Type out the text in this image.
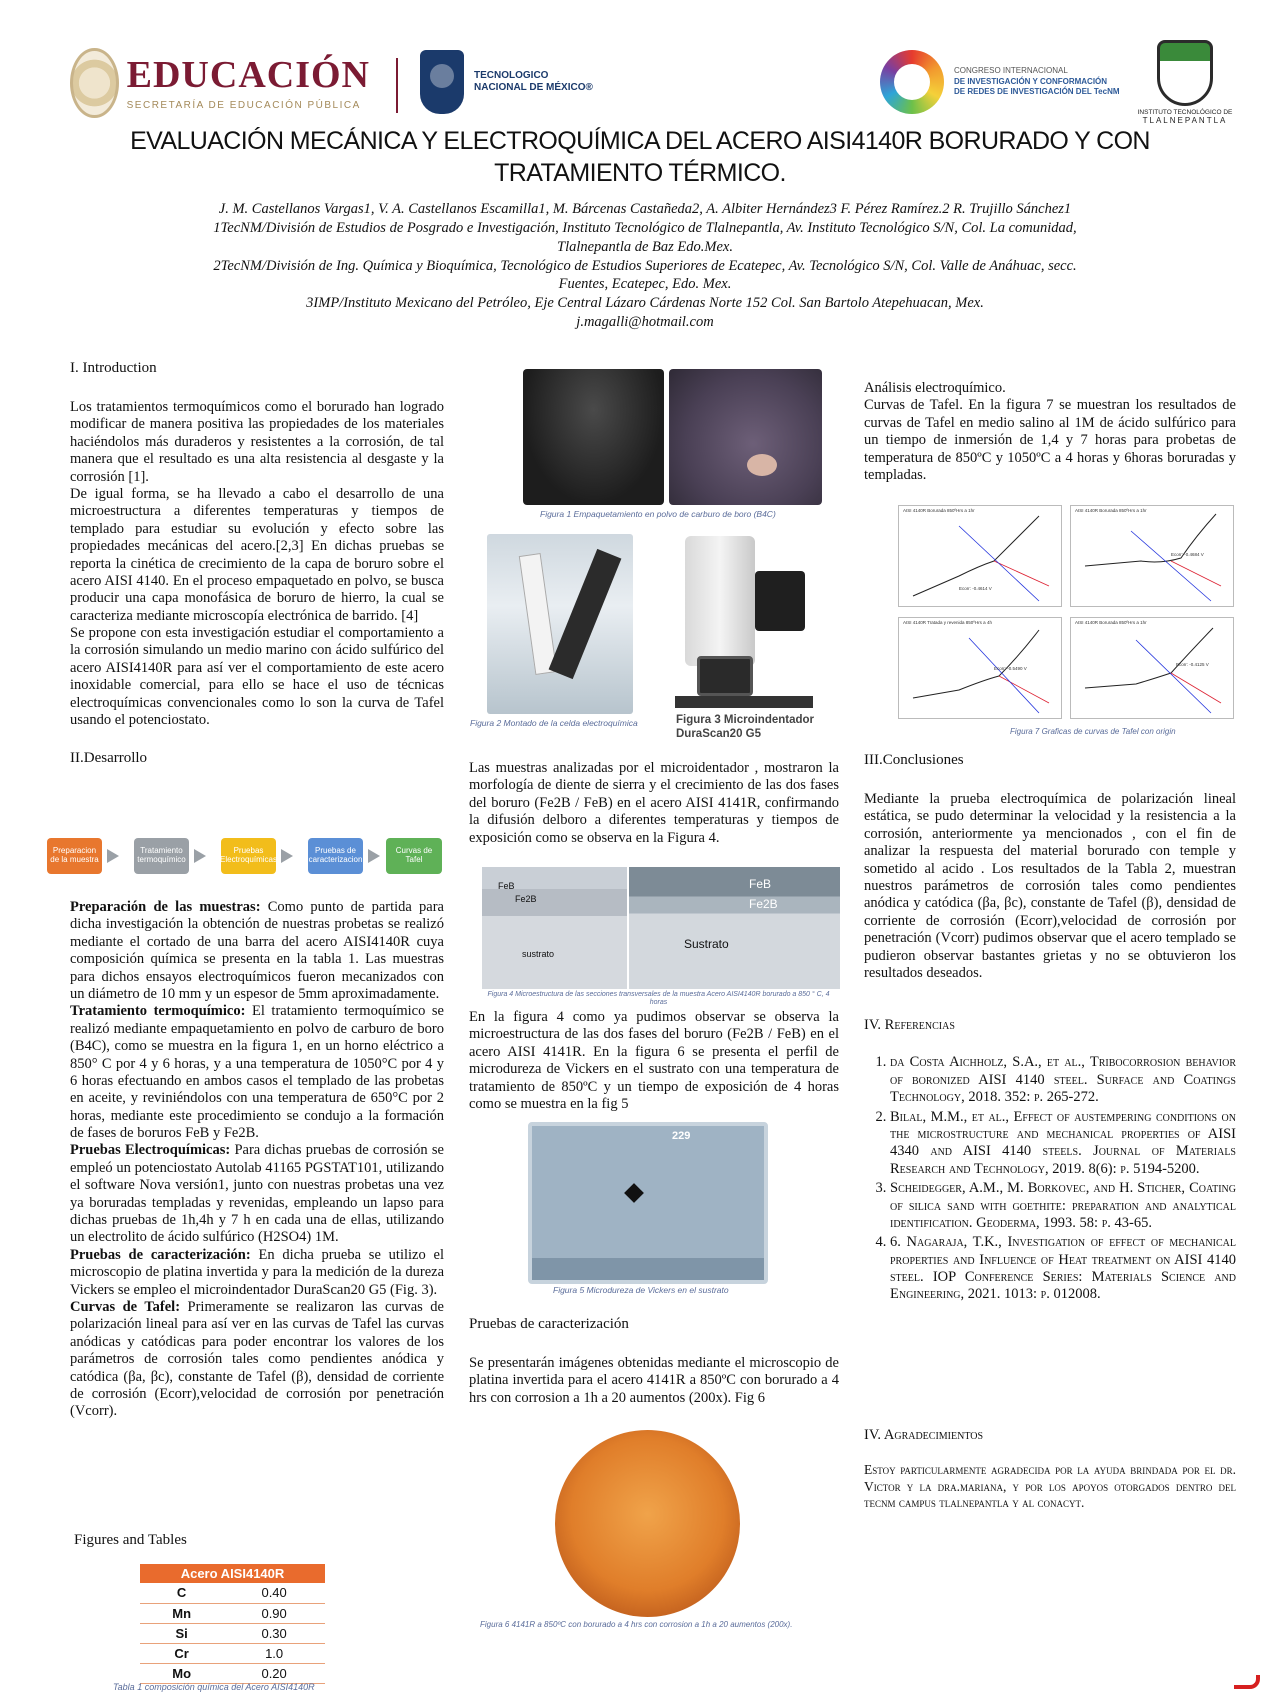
EDUCACIÓN
SECRETARÍA DE EDUCACIÓN PÚBLICA
TECNOLOGICO
NACIONAL DE MÉXICO®
CONGRESO INTERNACIONAL
DE INVESTIGACIÓN Y CONFORMACIÓN
DE REDES DE INVESTIGACIÓN DEL TecNM
INSTITUTO TECNOLÓGICO DE
TLALNEPANTLA
EVALUACIÓN MECÁNICA Y ELECTROQUÍMICA DEL ACERO AISI4140R BORURADO Y CON TRATAMIENTO TÉRMICO.
J. M. Castellanos Vargas1, V. A. Castellanos Escamilla1, M. Bárcenas Castañeda2, A. Albiter Hernández3 F. Pérez Ramírez.2 R. Trujillo Sánchez1
1TecNM/División de Estudios de Posgrado e Investigación, Instituto Tecnológico de Tlalnepantla, Av. Instituto Tecnológico S/N, Col. La comunidad, Tlalnepantla de Baz Edo.Mex.
2TecNM/División de Ing. Química y Bioquímica, Tecnológico de Estudios Superiores de Ecatepec, Av. Tecnológico S/N, Col. Valle de Anáhuac, secc. Fuentes, Ecatepec, Edo. Mex.
3IMP/Instituto Mexicano del Petróleo, Eje Central Lázaro Cárdenas Norte 152 Col. San Bartolo Atepehuacan, Mex.
j.magalli@hotmail.com
I. Introduction

Los tratamientos termoquímicos como el borurado han logrado modificar de manera positiva las propiedades de los materiales haciéndolos más duraderos y resistentes a la corrosión, de tal manera que el resultado es una alta resistencia al desgaste y la corrosión [1].

De igual forma, se ha llevado a cabo el desarrollo de una microestructura a diferentes temperaturas y tiempos de templado para estudiar su evolución y efecto sobre las propiedades mecánicas del acero.[2,3] En dichas pruebas se reporta la cinética de crecimiento de la capa de boruro sobre el acero AISI 4140. En el proceso empaquetado en polvo, se busca producir una capa monofásica de boruro de hierro, la cual se caracteriza mediante microscopía electrónica de barrido. [4]

Se propone con esta investigación estudiar el comportamiento a la corrosión simulando un medio marino con ácido sulfúrico del acero AISI4140R para así ver el comportamiento de este acero inoxidable comercial, para ello se hace el uso de técnicas electroquímicas convencionales como lo son la curva de Tafel usando el potenciostato.

II.Desarrollo
Preparacion de la muestra
Tratamiento termoquímico
Pruebas Electroquímicas
Pruebas de caracterizacion
Curvas de Tafel

Preparación de las muestras: Como punto de partida para dicha investigación la obtención de nuestras probetas se realizó mediante el cortado de una barra del acero AISI4140R cuya composición química se presenta en la tabla 1. Las muestras para dichos ensayos electroquímicos fueron mecanizados con un diámetro de 10 mm y un espesor de 5mm aproximadamente.

Tratamiento termoquímico: El tratamiento termoquímico se realizó mediante empaquetamiento en polvo de carburo de boro (B4C), como se muestra en la figura 1, en un horno eléctrico a 850° C por 4 y 6 horas, y a una temperatura de 1050°C por 4 y 6 horas efectuando en ambos casos el templado de las probetas en aceite, y reviniéndolos con una temperatura de 650°C por 2 horas, mediante este procedimiento se condujo a la formación de fases de boruros FeB y Fe2B.

Pruebas Electroquímicas: Para dichas pruebas de corrosión se empleó un potenciostato Autolab 41165 PGSTAT101, utilizando el software Nova versión1, junto con nuestras probetas una vez ya boruradas templadas y revenidas, empleando un lapso para dichas pruebas de 1h,4h y 7 h en cada una de ellas, utilizando un electrolito de ácido sulfúrico (H2SO4) 1M.

Pruebas de caracterización: En dicha prueba se utilizo el microscopio de platina invertida y para la medición de la dureza Vickers se empleo el microindentador DuraScan20 G5 (Fig. 3).

Curvas de Tafel: Primeramente se realizaron las curvas de polarización lineal para así ver en las curvas de Tafel las curvas anódicas y catódicas para poder encontrar los valores de los parámetros de corrosión tales como pendientes anódica y catódica (βa, βc), constante de Tafel (β), densidad de corriente de corrosión (Ecorr),velocidad de corrosión por penetración (Vcorr).

Figures and Tables
Acero AISI4140R	
C	0.40
Mn	0.90
Si	0.30
Cr	1.0
Mo	0.20
Tabla 1 composición química del Acero AISI4140R
Figura 1 Empaquetamiento en polvo de carburo de boro (B4C)
Figura 2 Montado de la celda electroquímica	Figura 3 Microindentador DuraScan20 G5
Las muestras analizadas por el microidentador , mostraron la morfología de diente de sierra y el crecimiento de las dos fases del boruro (Fe2B / FeB) en el acero AISI 4141R, confirmando la difusión delboro a diferentes temperaturas y tiempos de exposición como se observa en la Figura 4.
FeB
Fe2B
sustrato
FeB
Fe2B
Sustrato
Figura 4 Microestructura de las secciones transversales de la muestra Acero AISI4140R borurado a 850 ° C, 4 horas
En la figura 4 como ya pudimos observar se observa la microestructura de las dos fases del boruro (Fe2B / FeB) en el acero AISI 4141R. En la figura 6 se presenta el perfil de microdureza de Vickers en el sustrato con una temperatura de tratamiento de 850ºC y un tiempo de exposición de 4 horas como se muestra en la fig 5
229
Figura 5 Microdureza de Vickers en el sustrato
Pruebas de caracterización
Se presentarán imágenes obtenidas mediante el microscopio de platina invertida para el acero 4141R a 850ºC con borurado a 4 hrs con corrosion a 1h a 20 aumentos (200x). Fig 6
Figura 6 4141R a 850ºC con borurado a 4 hrs con corrosion a 1h a 20 aumentos (200x).
Análisis electroquímico.

Curvas de Tafel. En la figura 7 se muestran los resultados de curvas de Tafel en medio salino al 1M de ácido sulfúrico para un tiempo de inmersión de 1,4 y 7 horas para probetas de temperatura de 850ºC y 1050ºC a 4 horas y 6horas boruradas y templadas.

AISI 4140R Borurada 850ºHrs a 1hr
Ecorr: -0.4614 V
AISI 4140R Borurada 850ºHrs a 1hr
Ecorr: -0.4684 V
AISI 4140R Tratada y revenida 850ºHrs a 4h
Ecorr: -0.5490 V
AISI 4140R Borurada 850ºHrs a 1hr
Ecorr: -0.4125 V
Figura 7 Graficas de curvas de Tafel con origin
III.Conclusiones

Mediante la prueba electroquímica de polarización lineal estática, se pudo determinar la velocidad y la resistencia a la corrosión, anteriormente ya mencionados , con el fin de analizar la respuesta del material borurado con temple y sometido al acido . Los resultados de la Tabla 2, muestran nuestros parámetros de corrosión tales como pendientes anódica y catódica (βa, βc), constante de Tafel (β), densidad de corriente de corrosión (Ecorr),velocidad de corrosión por penetración (Vcorr) pudimos observar que el acero templado se pudieron observar bastantes grietas y no se obtuvieron los resultados deseados.

IV. Referencias
1. da Costa Aichholz, S.A., et al., Tribocorrosion behavior of boronized AISI 4140 steel. Surface and Coatings Technology, 2018. 352: p. 265-272.
2. Bilal, M.M., et al., Effect of austempering conditions on the microstructure and mechanical properties of AISI 4340 and AISI 4140 steels. Journal of Materials Research and Technology, 2019. 8(6): p. 5194-5200.
3. Scheidegger, A.M., M. Borkovec, and H. Sticher, Coating of silica sand with goethite: preparation and analytical identification. Geoderma, 1993. 58: p. 43-65.
4. 6. Nagaraja, T.K., Investigation of effect of mechanical properties and Influence of Heat treatment on AISI 4140 steel. IOP Conference Series: Materials Science and Engineering, 2021. 1013: p. 012008.
IV. Agradecimientos

Estoy particularmente agradecida por la ayuda brindada por el dr. Victor y la dra.mariana, y por los apoyos otorgados dentro del tecnm campus tlalnepantla y al conacyt.
